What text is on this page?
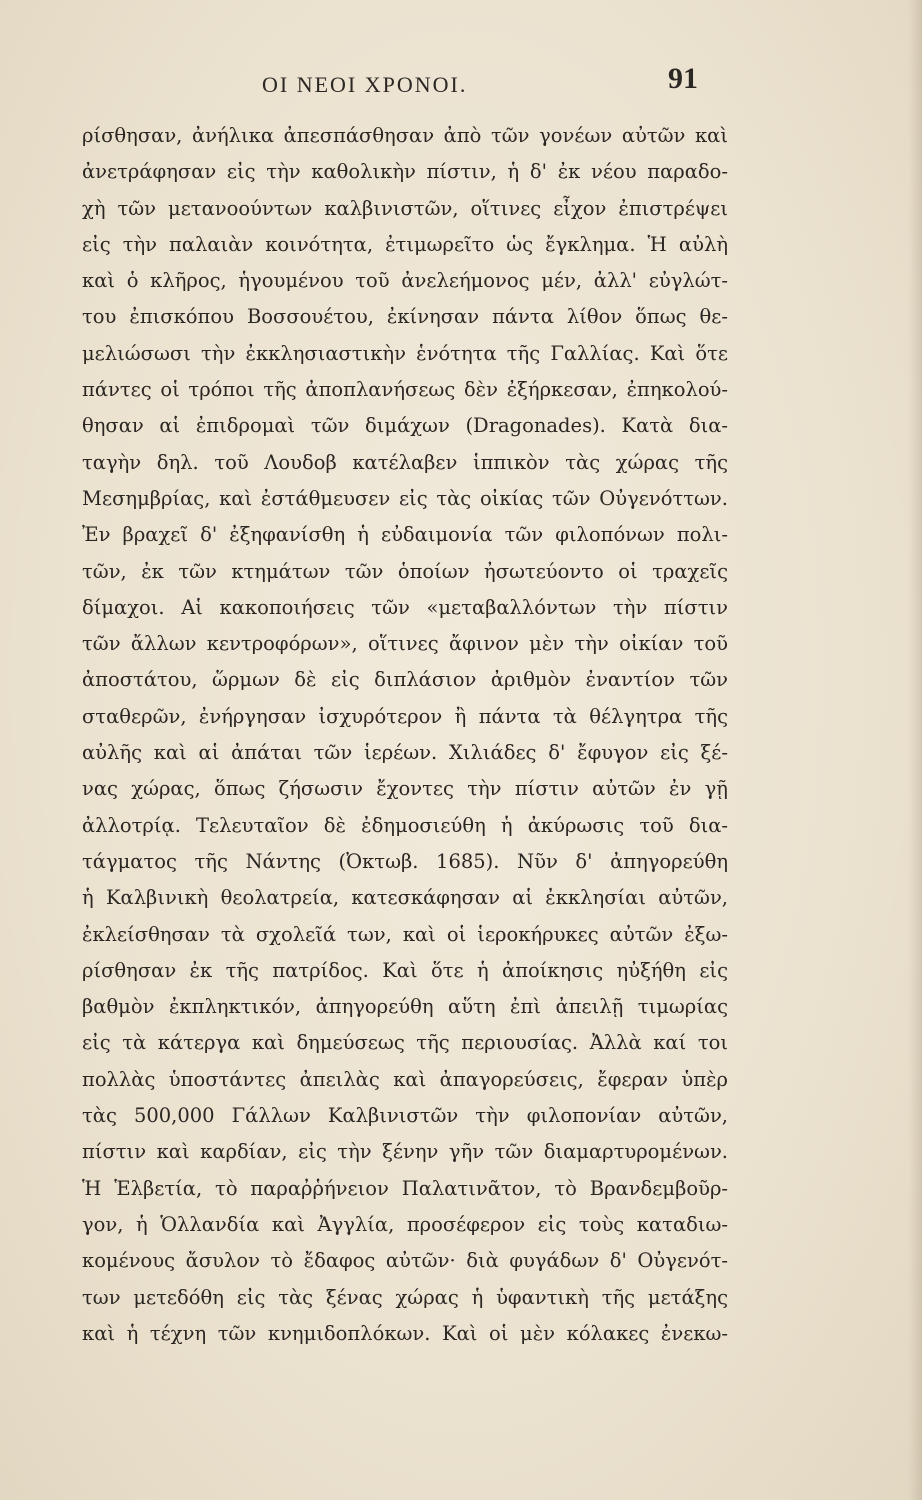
ΟΙ ΝΕΟΙ ΧΡΟΝΟΙ.	91
ρίσθησαν, ἀνήλικα ἀπεσπάσθησαν ἀπὸ τῶν γονέων αὐτῶν καὶ
ἀνετράφησαν εἰς τὴν καθολικὴν πίστιν, ἡ δ' ἐκ νέου παραδο-
χὴ τῶν μετανοούντων καλβινιστῶν, οἵτινες εἶχον ἐπιστρέψει
εἰς τὴν παλαιὰν κοινότητα, ἐτιμωρεῖτο ὡς ἔγκλημα. Ἡ αὐλὴ
καὶ ὁ κλῆρος, ἡγουμένου τοῦ ἀνελεήμονος μέν, ἀλλ' εὐγλώτ-
του ἐπισκόπου Βοσσουέτου, ἐκίνησαν πάντα λίθον ὅπως θε-
μελιώσωσι τὴν ἐκκλησιαστικὴν ἑνότητα τῆς Γαλλίας. Καὶ ὅτε
πάντες οἱ τρόποι τῆς ἀποπλανήσεως δὲν ἐξήρκεσαν, ἐπηκολού-
θησαν αἱ ἐπιδρομαὶ τῶν διμάχων (Dragonades). Κατὰ δια-
ταγὴν δηλ. τοῦ Λουδοβ κατέλαβεν ἱππικὸν τὰς χώρας τῆς
Μεσημβρίας, καὶ ἐστάθμευσεν εἰς τὰς οἰκίας τῶν Οὐγενόττων.
Ἐν βραχεῖ δ' ἐξηφανίσθη ἡ εὐδαιμονία τῶν φιλοπόνων πολι-
τῶν, ἐκ τῶν κτημάτων τῶν ὁποίων ἠσωτεύοντο οἱ τραχεῖς
δίμαχοι. Αἱ κακοποιήσεις τῶν «μεταβαλλόντων τὴν πίστιν
τῶν ἄλλων κεντροφόρων», οἵτινες ἄφινον μὲν τὴν οἰκίαν τοῦ
ἀποστάτου, ὥρμων δὲ εἰς διπλάσιον ἀριθμὸν ἐναντίον τῶν
σταθερῶν, ἐνήργησαν ἰσχυρότερον ἢ πάντα τὰ θέλγητρα τῆς
αὐλῆς καὶ αἱ ἀπάται τῶν ἱερέων. Χιλιάδες δ' ἔφυγον εἰς ξέ-
νας χώρας, ὅπως ζήσωσιν ἔχοντες τὴν πίστιν αὐτῶν ἐν γῇ
ἀλλοτρίᾳ. Τελευταῖον δὲ ἐδημοσιεύθη ἡ ἀκύρωσις τοῦ δια-
τάγματος τῆς Νάντης (Ὀκτωβ. 1685). Νῦν δ' ἀπηγορεύθη
ἡ Καλβινικὴ θεολατρεία, κατεσκάφησαν αἱ ἐκκλησίαι αὐτῶν,
ἐκλείσθησαν τὰ σχολεῖά των, καὶ οἱ ἱεροκήρυκες αὐτῶν ἐξω-
ρίσθησαν ἐκ τῆς πατρίδος. Καὶ ὅτε ἡ ἀποίκησις ηὐξήθη εἰς
βαθμὸν ἐκπληκτικόν, ἀπηγορεύθη αὕτη ἐπὶ ἀπειλῇ τιμωρίας
εἰς τὰ κάτεργα καὶ δημεύσεως τῆς περιουσίας. Ἀλλὰ καί τοι
πολλὰς ὑποστάντες ἀπειλὰς καὶ ἀπαγορεύσεις, ἔφεραν ὑπὲρ
τὰς 500,000 Γάλλων Καλβινιστῶν τὴν φιλοπονίαν αὐτῶν,
πίστιν καὶ καρδίαν, εἰς τὴν ξένην γῆν τῶν διαμαρτυρομένων.
Ἡ Ἑλβετία, τὸ παραῤῥήνειον Παλατινᾶτον, τὸ Βρανδεμβοῦρ-
γον, ἡ Ὁλλανδία καὶ Ἀγγλία, προσέφερον εἰς τοὺς καταδιω-
κομένους ἄσυλον τὸ ἔδαφος αὐτῶν· διὰ φυγάδων δ' Οὐγενότ-
των μετεδόθη εἰς τὰς ξένας χώρας ἡ ὑφαντικὴ τῆς μετάξης
καὶ ἡ τέχνη τῶν κνημιδοπλόκων. Καὶ οἱ μὲν κόλακες ἐνεκω-
